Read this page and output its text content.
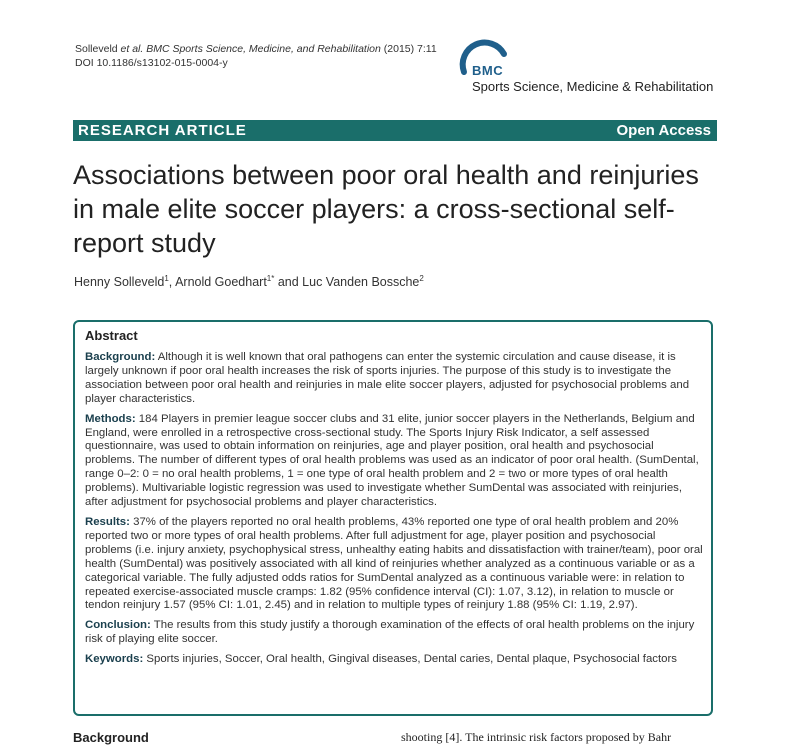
Solleveld et al. BMC Sports Science, Medicine, and Rehabilitation (2015) 7:11
DOI 10.1186/s13102-015-0004-y	BMC
Sports Science, Medicine & Rehabilitation
RESEARCH ARTICLE	Open Access
Associations between poor oral health and reinjuries in male elite soccer players: a cross-sectional self-report study
Henny Solleveld$^1$, Arnold Goedhart$^{1*}$ and Luc Vanden Bossche$^2$
Abstract

Background: Although it is well known that oral pathogens can enter the systemic circulation and cause disease, it is largely unknown if poor oral health increases the risk of sports injuries. The purpose of this study is to investigate the association between poor oral health and reinjuries in male elite soccer players, adjusted for psychosocial problems and player characteristics.

Methods: 184 Players in premier league soccer clubs and 31 elite, junior soccer players in the Netherlands, Belgium and England, were enrolled in a retrospective cross-sectional study. The Sports Injury Risk Indicator, a self assessed questionnaire, was used to obtain information on reinjuries, age and player position, oral health and psychosocial problems. The number of different types of oral health problems was used as an indicator of poor oral health. (SumDental, range 0–2: 0 = no oral health problems, 1 = one type of oral health problem and 2 = two or more types of oral health problems). Multivariable logistic regression was used to investigate whether SumDental was associated with reinjuries, after adjustment for psychosocial problems and player characteristics.

Results: 37% of the players reported no oral health problems, 43% reported one type of oral health problem and 20% reported two or more types of oral health problems. After full adjustment for age, player position and psychosocial problems (i.e. injury anxiety, psychophysical stress, unhealthy eating habits and dissatisfaction with trainer/team), poor oral health (SumDental) was positively associated with all kind of reinjuries whether analyzed as a continuous variable or as a categorical variable. The fully adjusted odds ratios for SumDental analyzed as a continuous variable were: in relation to repeated exercise-associated muscle cramps: 1.82 (95% confidence interval (CI): 1.07, 3.12), in relation to muscle or tendon reinjury 1.57 (95% CI: 1.01, 2.45) and in relation to multiple types of reinjury 1.88 (95% CI: 1.19, 2.97).

Conclusion: The results from this study justify a thorough examination of the effects of oral health problems on the injury risk of playing elite soccer.

Keywords: Sports injuries, Soccer, Oral health, Gingival diseases, Dental caries, Dental plaque, Psychosocial factors

Background	shooting [4]. The intrinsic risk factors proposed by Bahr
